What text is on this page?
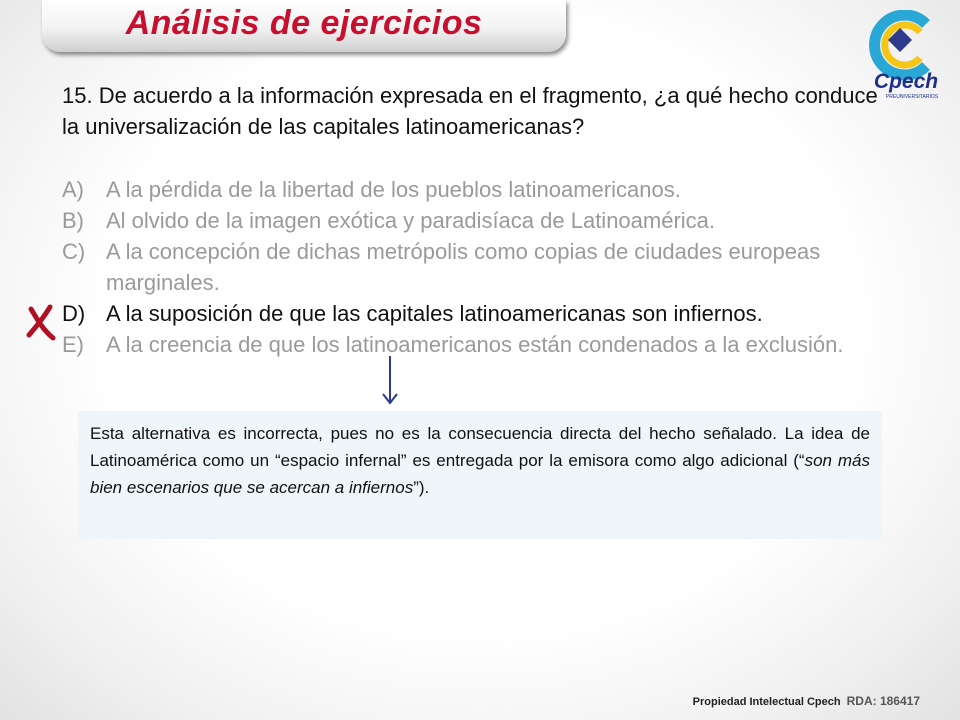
Análisis de ejercicios
Cpech
PREUNIVERSITARIOS
15. De acuerdo a la información expresada en el fragmento, ¿a qué hecho conduce la universalización de las capitales latinoamericanas?
A)	A la pérdida de la libertad de los pueblos latinoamericanos.
B)	Al olvido de la imagen exótica y paradisíaca de Latinoamérica.
C) A la concepción de dichas metrópolis como copias de ciudades europeas marginales.
D) A la suposición de que las capitales latinoamericanas son infiernos.
E)	A la creencia de que los latinoamericanos están condenados a la exclusión.
Esta alternativa es incorrecta, pues no es la consecuencia directa del hecho señalado. La idea de Latinoamérica como un “espacio infernal” es entregada por la emisora como algo adicional (“son más bien escenarios que se acercan a infiernos”).
Propiedad Intelectual Cpech RDA: 186417
